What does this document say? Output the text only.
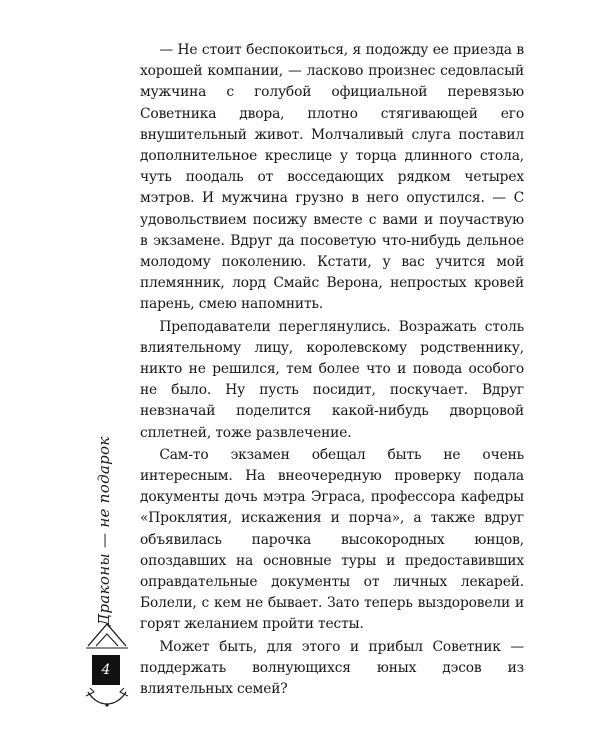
— Не стоит беспокоиться, я подожду ее приезда в хорошей компании, — ласково произнес седовласый мужчина с голубой официальной перевязью Советника двора, плотно стягивающей его внушительный живот. Молчаливый слуга поставил дополнительное креслице у торца длинного стола, чуть поодаль от восседающих рядком четырех мэтров. И мужчина грузно в него опустился. — С удовольствием посижу вместе с вами и поучаствую в экзамене. Вдруг да посоветую что-нибудь дельное молодому поколению. Кстати, у вас учится мой племянник, лорд Смайс Верона, непростых кровей парень, смею напомнить.

Преподаватели переглянулись. Возражать столь влиятельному лицу, королевскому родственнику, никто не решился, тем более что и повода особого не было. Ну пусть посидит, поскучает. Вдруг невзначай поделится какой-нибудь дворцовой сплетней, тоже развлечение.

Сам-то экзамен обещал быть не очень интересным. На внеочередную проверку подала документы дочь мэтра Эграса, профессора кафедры «Проклятия, искажения и порча», а также вдруг объявилась парочка высокородных юнцов, опоздавших на основные туры и предоставивших оправдательные документы от личных лекарей. Болели, с кем не бывает. Зато теперь выздоровели и горят желанием пройти тесты.

Может быть, для этого и прибыл Советник — поддержать волнующихся юных дэсов из влиятельных семей?

Драконы — не подарок
4
